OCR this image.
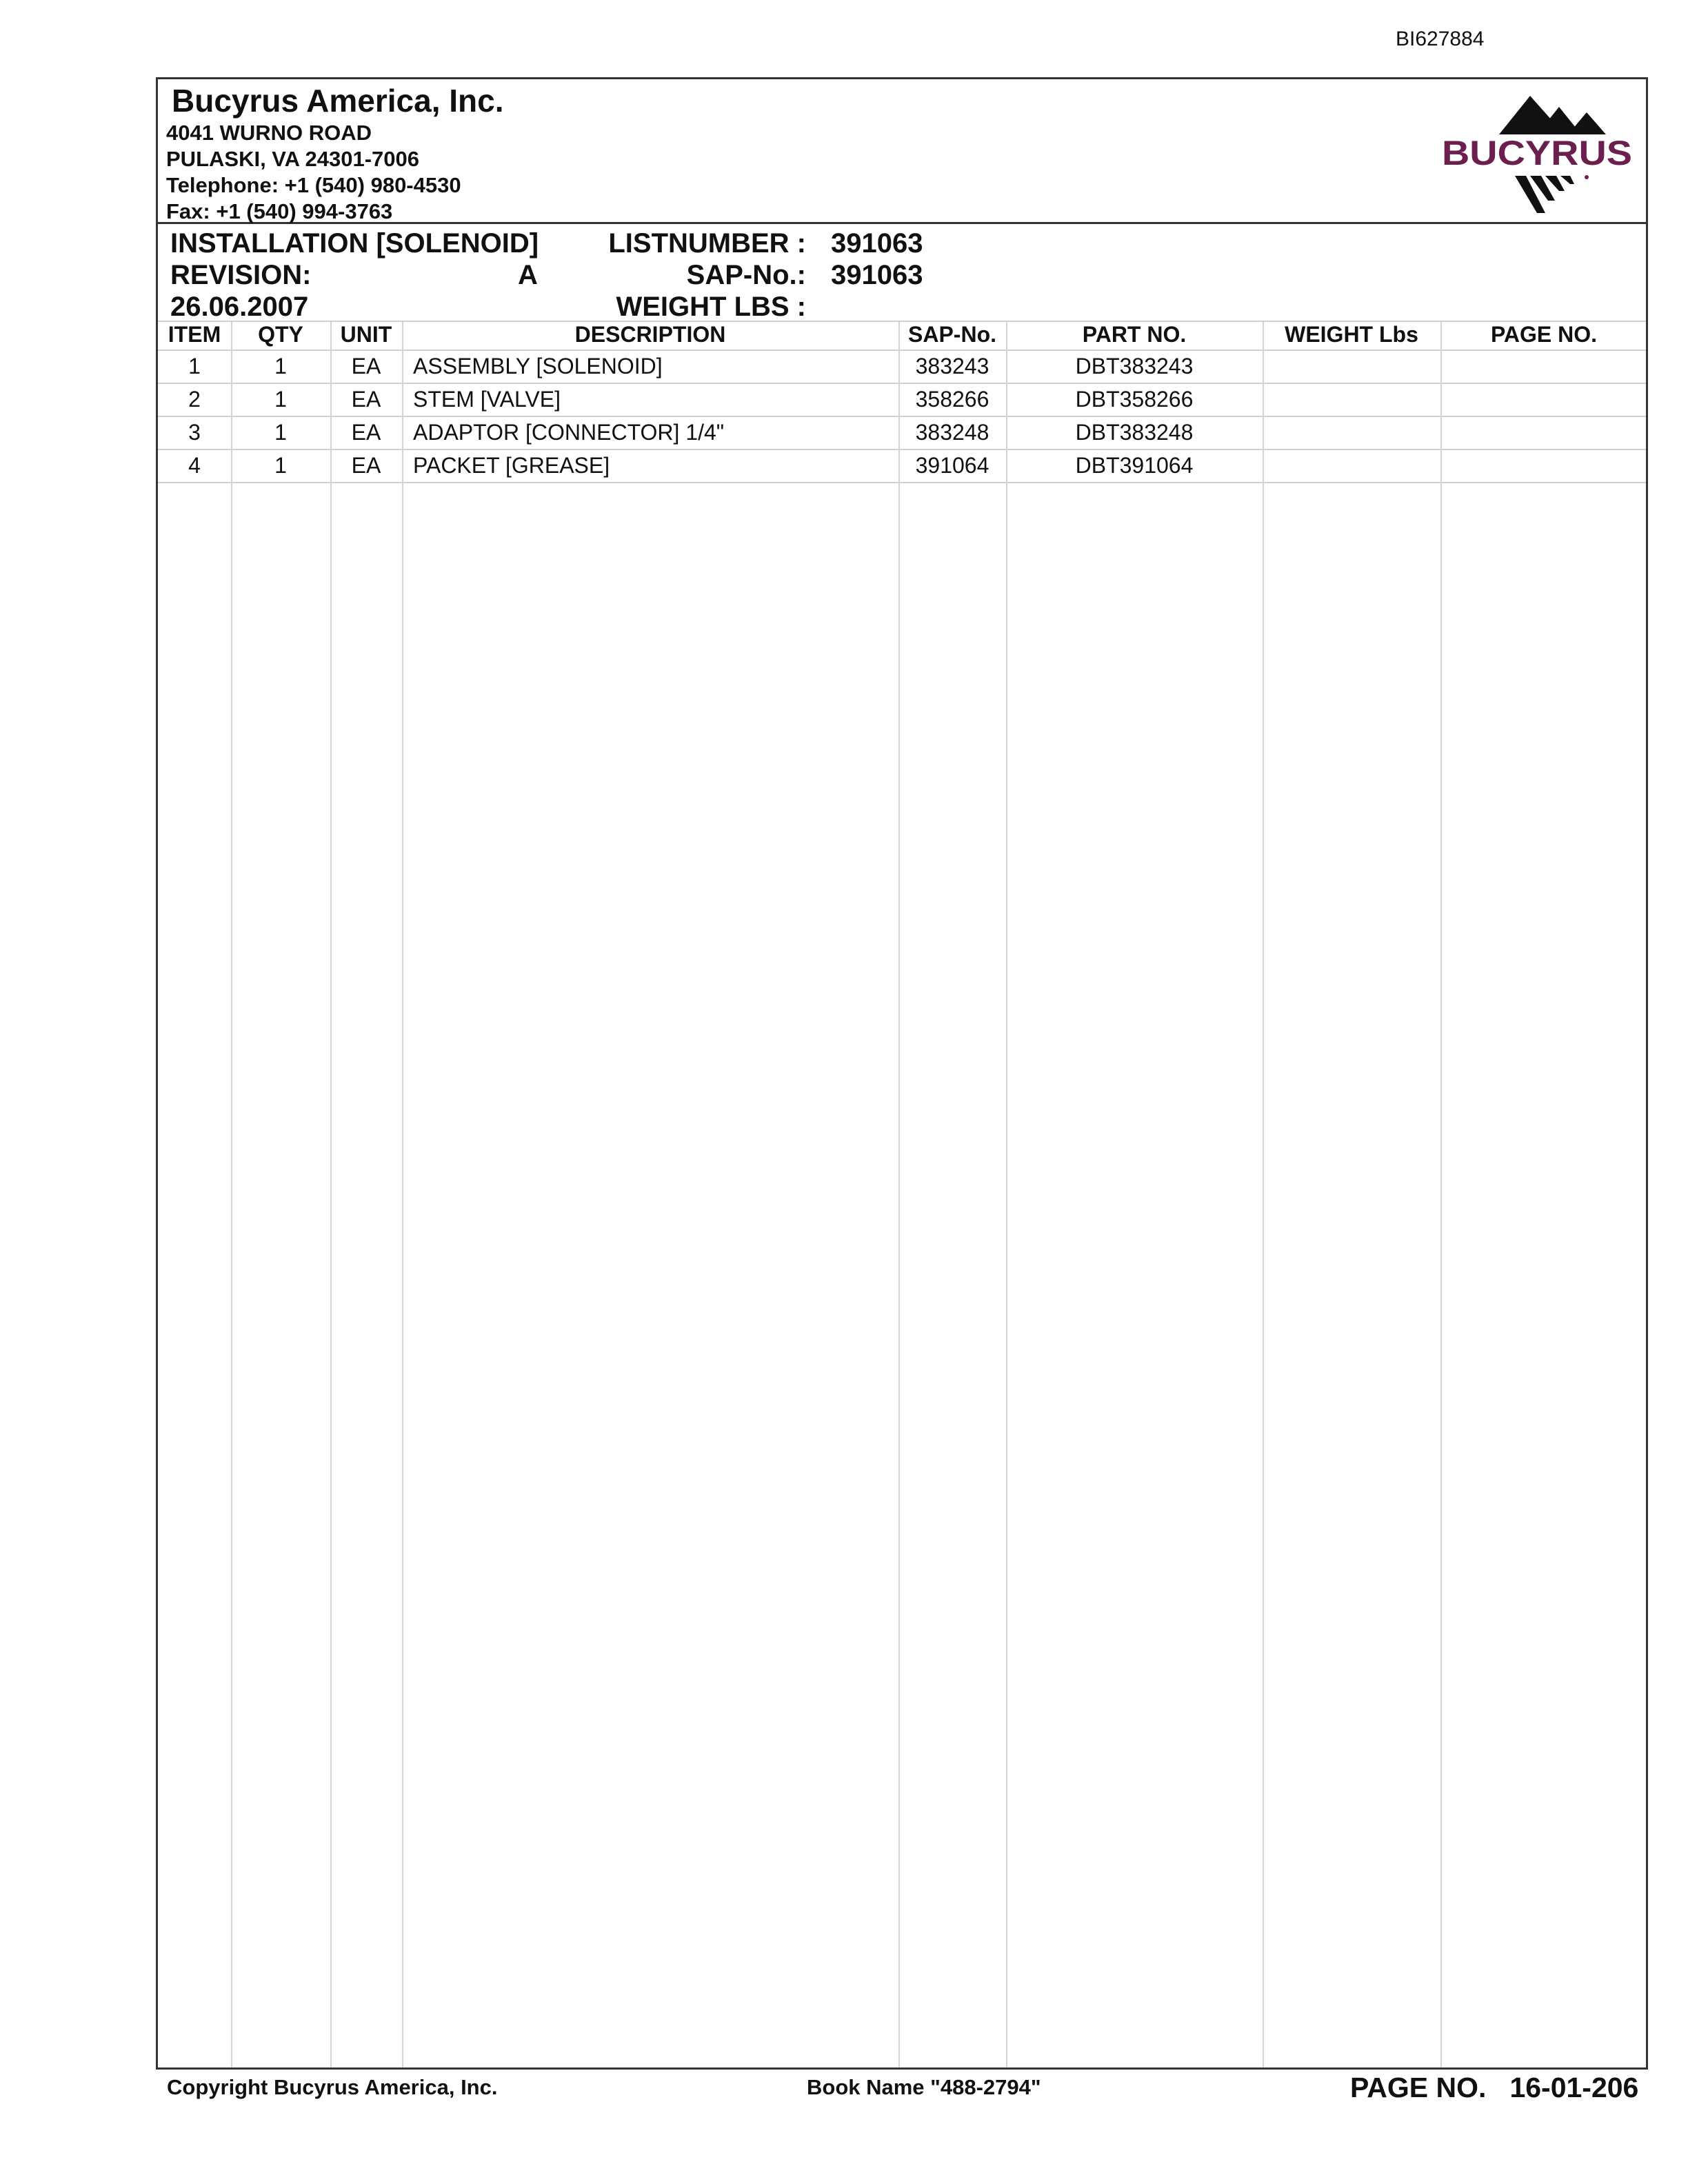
BI627884
Bucyrus America, Inc.
4041 WURNO ROAD
PULASKI, VA 24301-7006
Telephone: +1 (540) 980-4530
Fax: +1 (540) 994-3763
BUCYRUS
INSTALLATION [SOLENOID]
REVISION:	A
26.06.2007
LISTNUMBER : 391063
SAP-No.: 391063
WEIGHT LBS :
ITEM	QTY	UNIT	DESCRIPTION	SAP-No.	PART NO.	WEIGHT Lbs	PAGE NO.
1	1	EA	ASSEMBLY [SOLENOID]	383243	DBT383243
2	1	EA	STEM [VALVE]	358266	DBT358266
3	1	EA	ADAPTOR [CONNECTOR] 1/4"	383248	DBT383248
4	1	EA	PACKET [GREASE]	391064	DBT391064
Copyright Bucyrus America, Inc.	Book Name "488-2794"	PAGE NO. 16-01-206
